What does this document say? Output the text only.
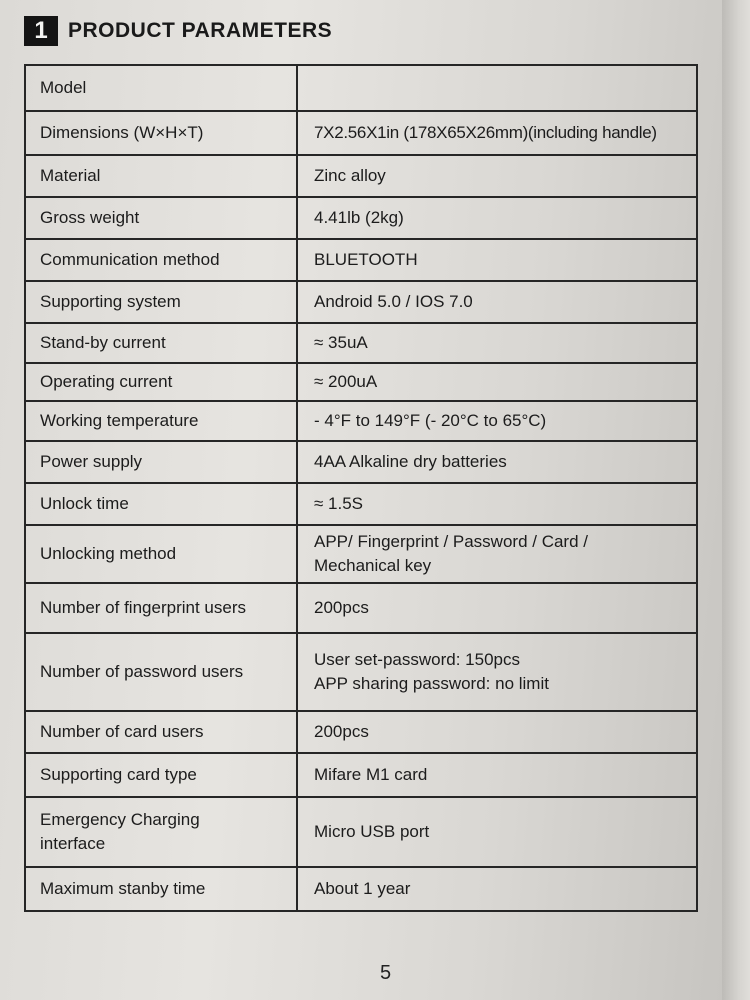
1 PRODUCT PARAMETERS
Model	
Dimensions (W×H×T)	7X2.56X1in (178X65X26mm)(including handle)
Material	Zinc alloy
Gross weight	4.41lb (2kg)
Communication method	BLUETOOTH
Supporting system	Android 5.0 / IOS 7.0
Stand-by current	≈ 35uA
Operating current	≈ 200uA
Working temperature	- 4°F to 149°F (- 20°C to 65°C)
Power supply	4AA Alkaline dry batteries
Unlock time	≈ 1.5S
Unlocking method	APP/ Fingerprint / Password / Card /
Mechanical key

Number of fingerprint users	200pcs
Number of password users	User set-password: 150pcs
APP sharing password: no limit

Number of card users	200pcs
Supporting card type	Mifare M1 card

Emergency Charging
interface	Micro USB port
Maximum stanby time	About 1 year
5
